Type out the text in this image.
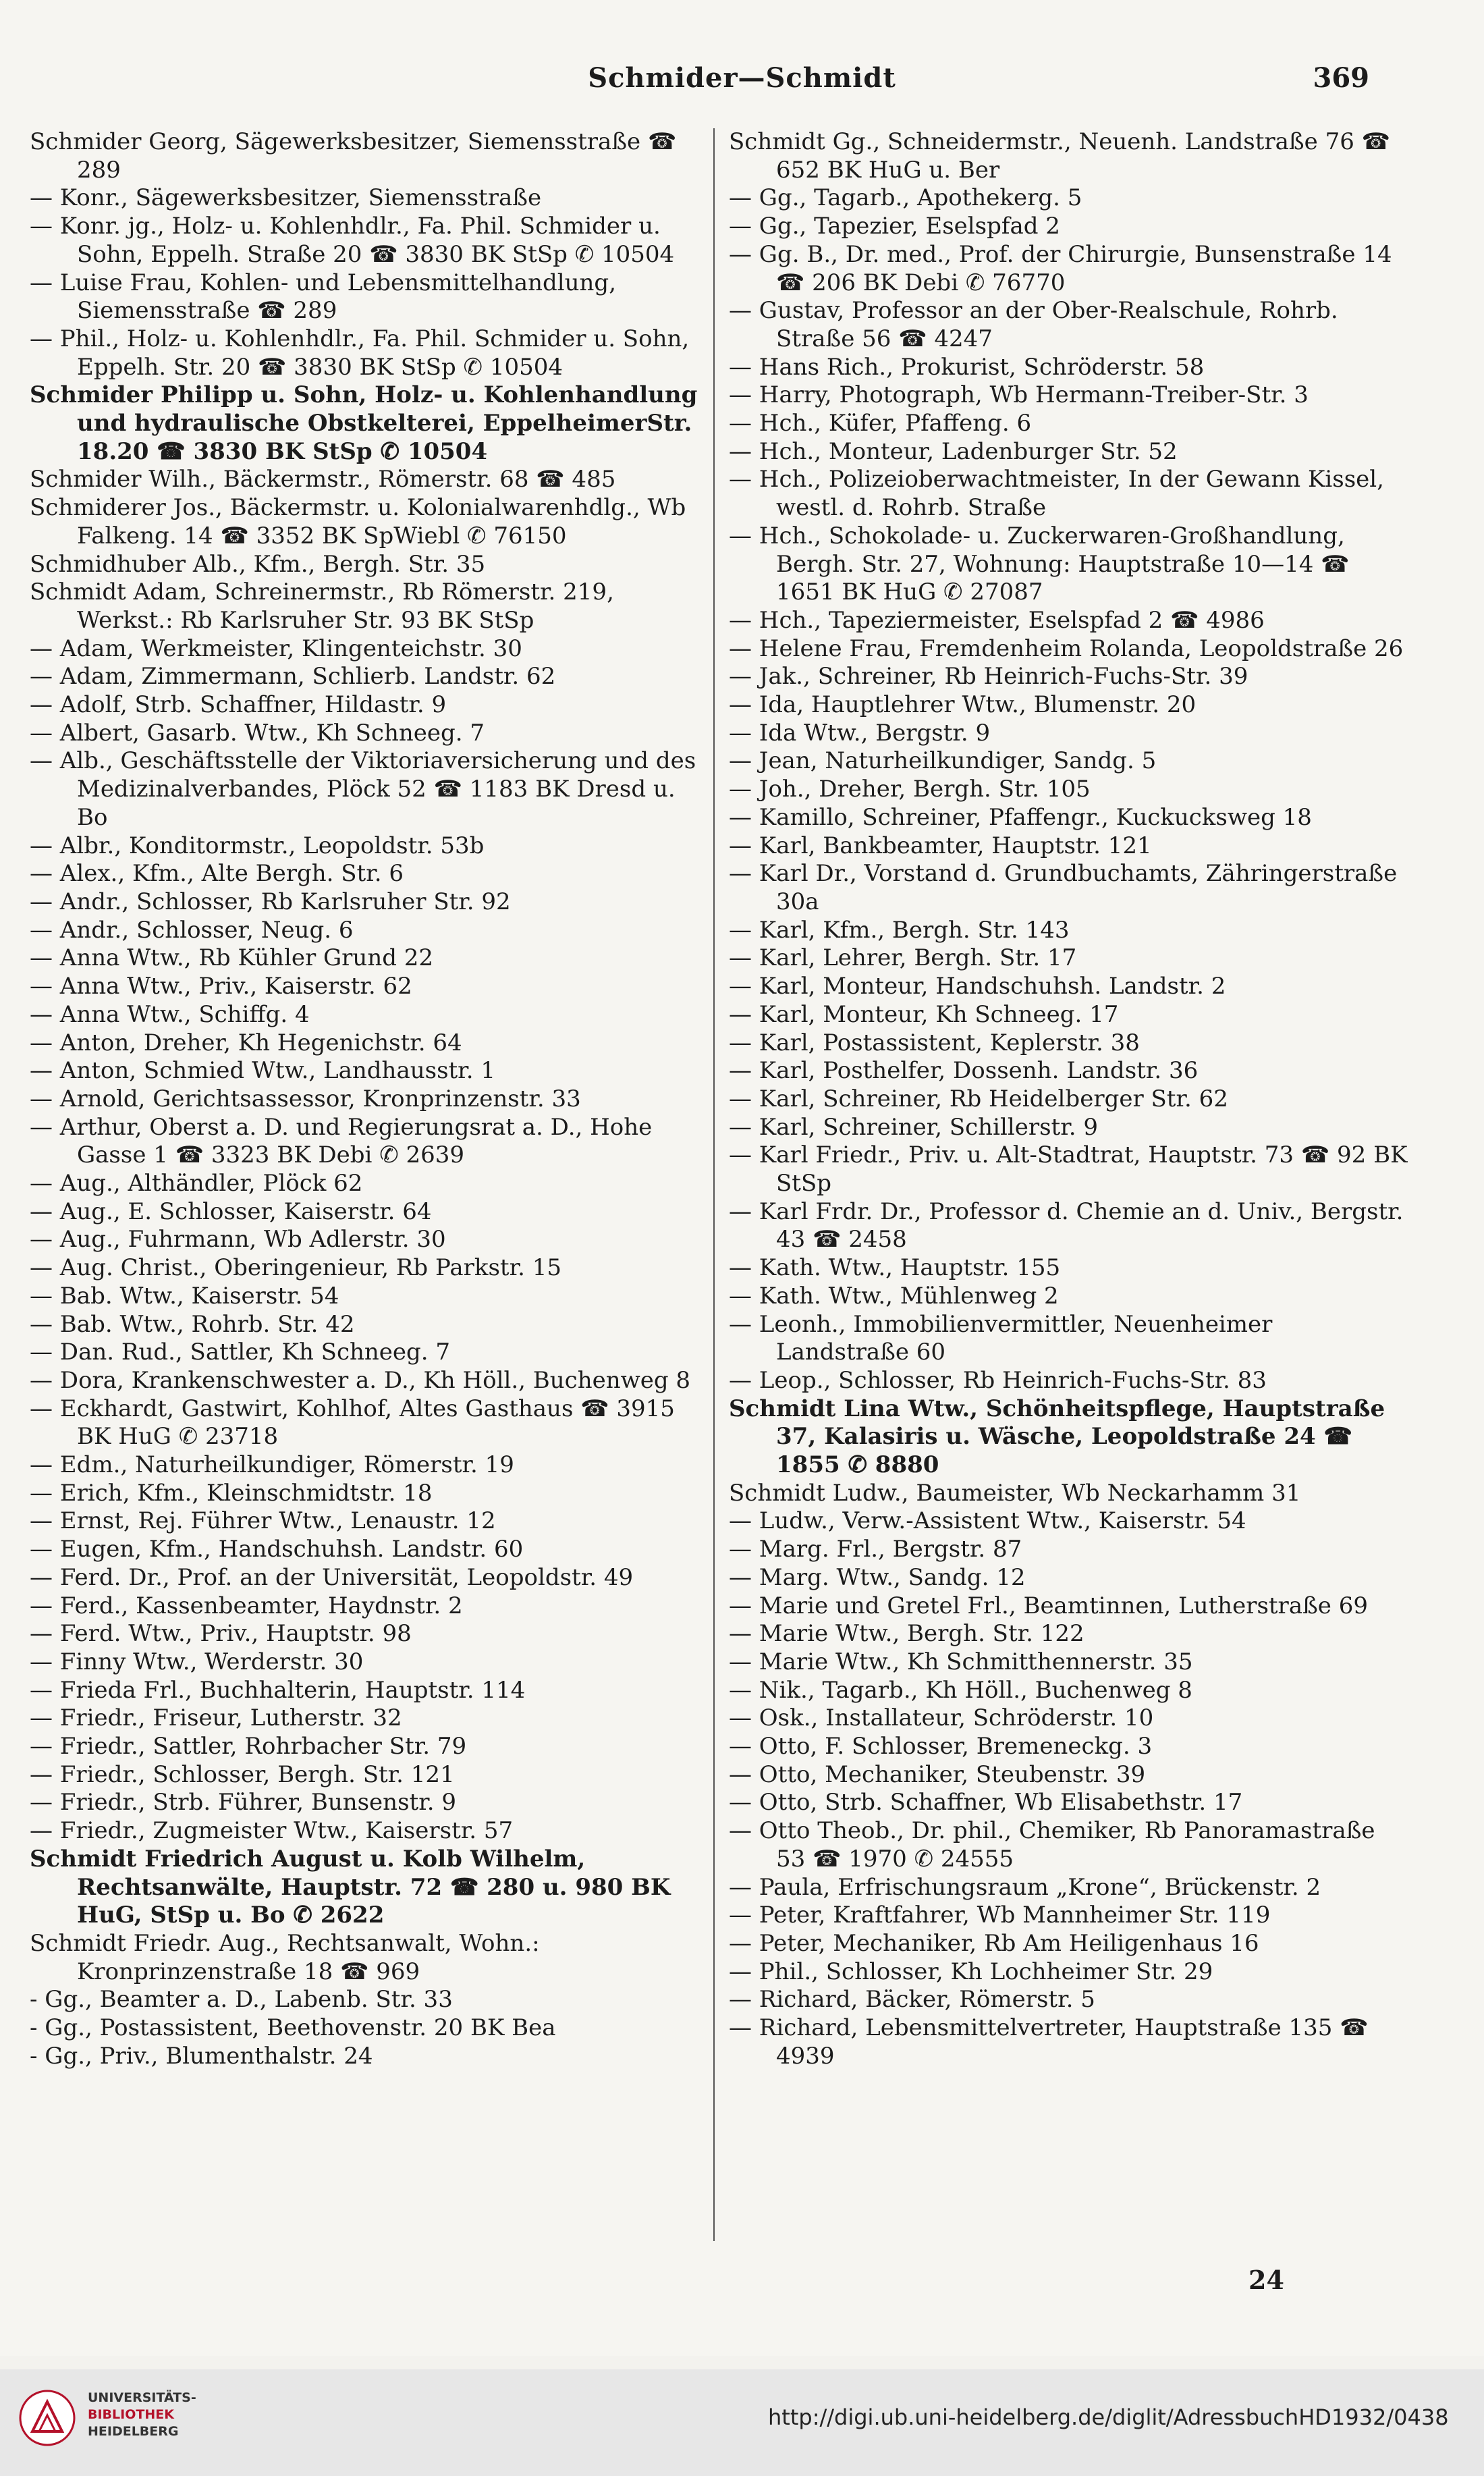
Schmider—Schmidt	369
Schmider Georg, Sägewerksbesitzer, Siemensstraße ☎ 289
— Konr., Sägewerksbesitzer, Siemensstraße
— Konr. jg., Holz- u. Kohlenhdlr., Fa. Phil. Schmider u. Sohn, Eppelh. Straße 20 ☎ 3830 BK StSp ✆ 10504
— Luise Frau, Kohlen- und Lebensmittelhandlung, Siemensstraße ☎ 289
— Phil., Holz- u. Kohlenhdlr., Fa. Phil. Schmider u. Sohn, Eppelh. Str. 20 ☎ 3830 BK StSp ✆ 10504
Schmider Philipp u. Sohn, Holz- u. Kohlenhandlung und hydraulische Obstkelterei, EppelheimerStr. 18.20 ☎ 3830 BK StSp ✆ 10504
Schmider Wilh., Bäckermstr., Römerstr. 68 ☎ 485
Schmiderer Jos., Bäckermstr. u. Kolonialwarenhdlg., Wb Falkeng. 14 ☎ 3352 BK SpWiebl ✆ 76150
Schmidhuber Alb., Kfm., Bergh. Str. 35
Schmidt Adam, Schreinermstr., Rb Römerstr. 219, Werkst.: Rb Karlsruher Str. 93 BK StSp
— Adam, Werkmeister, Klingenteichstr. 30
— Adam, Zimmermann, Schlierb. Landstr. 62
— Adolf, Strb. Schaffner, Hildastr. 9
— Albert, Gasarb. Wtw., Kh Schneeg. 7
— Alb., Geschäftsstelle der Viktoriaversicherung und des Medizinalverbandes, Plöck 52 ☎ 1183 BK Dresd u. Bo
— Albr., Konditormstr., Leopoldstr. 53b
— Alex., Kfm., Alte Bergh. Str. 6
— Andr., Schlosser, Rb Karlsruher Str. 92
— Andr., Schlosser, Neug. 6
— Anna Wtw., Rb Kühler Grund 22
— Anna Wtw., Priv., Kaiserstr. 62
— Anna Wtw., Schiffg. 4
— Anton, Dreher, Kh Hegenichstr. 64
— Anton, Schmied Wtw., Landhausstr. 1
— Arnold, Gerichtsassessor, Kronprinzenstr. 33
— Arthur, Oberst a. D. und Regierungsrat a. D., Hohe Gasse 1 ☎ 3323 BK Debi ✆ 2639
— Aug., Althändler, Plöck 62
— Aug., E. Schlosser, Kaiserstr. 64
— Aug., Fuhrmann, Wb Adlerstr. 30
— Aug. Christ., Oberingenieur, Rb Parkstr. 15
— Bab. Wtw., Kaiserstr. 54
— Bab. Wtw., Rohrb. Str. 42
— Dan. Rud., Sattler, Kh Schneeg. 7
— Dora, Krankenschwester a. D., Kh Höll., Buchenweg 8
— Eckhardt, Gastwirt, Kohlhof, Altes Gasthaus ☎ 3915 BK HuG ✆ 23718
— Edm., Naturheilkundiger, Römerstr. 19
— Erich, Kfm., Kleinschmidtstr. 18
— Ernst, Rej. Führer Wtw., Lenaustr. 12
— Eugen, Kfm., Handschuhsh. Landstr. 60
— Ferd. Dr., Prof. an der Universität, Leopoldstr. 49
— Ferd., Kassenbeamter, Haydnstr. 2
— Ferd. Wtw., Priv., Hauptstr. 98
— Finny Wtw., Werderstr. 30
— Frieda Frl., Buchhalterin, Hauptstr. 114
— Friedr., Friseur, Lutherstr. 32
— Friedr., Sattler, Rohrbacher Str. 79
— Friedr., Schlosser, Bergh. Str. 121
— Friedr., Strb. Führer, Bunsenstr. 9
— Friedr., Zugmeister Wtw., Kaiserstr. 57
Schmidt Friedrich August u. Kolb Wilhelm, Rechtsanwälte, Hauptstr. 72 ☎ 280 u. 980 BK HuG, StSp u. Bo ✆ 2622
Schmidt Friedr. Aug., Rechtsanwalt, Wohn.: Kronprinzenstraße 18 ☎ 969
- Gg., Beamter a. D., Labenb. Str. 33
- Gg., Postassistent, Beethovenstr. 20 BK Bea
- Gg., Priv., Blumenthalstr. 24
Schmidt Gg., Schneidermstr., Neuenh. Landstraße 76 ☎ 652 BK HuG u. Ber
— Gg., Tagarb., Apothekerg. 5
— Gg., Tapezier, Eselspfad 2
— Gg. B., Dr. med., Prof. der Chirurgie, Bunsenstraße 14 ☎ 206 BK Debi ✆ 76770
— Gustav, Professor an der Ober-Realschule, Rohrb. Straße 56 ☎ 4247
— Hans Rich., Prokurist, Schröderstr. 58
— Harry, Photograph, Wb Hermann-Treiber-Str. 3
— Hch., Küfer, Pfaffeng. 6
— Hch., Monteur, Ladenburger Str. 52
— Hch., Polizeioberwachtmeister, In der Gewann Kissel, westl. d. Rohrb. Straße
— Hch., Schokolade- u. Zuckerwaren-Großhandlung, Bergh. Str. 27, Wohnung: Hauptstraße 10—14 ☎ 1651 BK HuG ✆ 27087
— Hch., Tapeziermeister, Eselspfad 2 ☎ 4986
— Helene Frau, Fremdenheim Rolanda, Leopoldstraße 26
— Jak., Schreiner, Rb Heinrich-Fuchs-Str. 39
— Ida, Hauptlehrer Wtw., Blumenstr. 20
— Ida Wtw., Bergstr. 9
— Jean, Naturheilkundiger, Sandg. 5
— Joh., Dreher, Bergh. Str. 105
— Kamillo, Schreiner, Pfaffengr., Kuckucksweg 18
— Karl, Bankbeamter, Hauptstr. 121
— Karl Dr., Vorstand d. Grundbuchamts, Zähringerstraße 30a
— Karl, Kfm., Bergh. Str. 143
— Karl, Lehrer, Bergh. Str. 17
— Karl, Monteur, Handschuhsh. Landstr. 2
— Karl, Monteur, Kh Schneeg. 17
— Karl, Postassistent, Keplerstr. 38
— Karl, Posthelfer, Dossenh. Landstr. 36
— Karl, Schreiner, Rb Heidelberger Str. 62
— Karl, Schreiner, Schillerstr. 9
— Karl Friedr., Priv. u. Alt-Stadtrat, Hauptstr. 73 ☎ 92 BK StSp
— Karl Frdr. Dr., Professor d. Chemie an d. Univ., Bergstr. 43 ☎ 2458
— Kath. Wtw., Hauptstr. 155
— Kath. Wtw., Mühlenweg 2
— Leonh., Immobilienvermittler, Neuenheimer Landstraße 60
— Leop., Schlosser, Rb Heinrich-Fuchs-Str. 83
Schmidt Lina Wtw., Schönheitspflege, Hauptstraße 37, Kalasiris u. Wäsche, Leopoldstraße 24 ☎ 1855 ✆ 8880
Schmidt Ludw., Baumeister, Wb Neckarhamm 31
— Ludw., Verw.-Assistent Wtw., Kaiserstr. 54
— Marg. Frl., Bergstr. 87
— Marg. Wtw., Sandg. 12
— Marie und Gretel Frl., Beamtinnen, Lutherstraße 69
— Marie Wtw., Bergh. Str. 122
— Marie Wtw., Kh Schmitthennerstr. 35
— Nik., Tagarb., Kh Höll., Buchenweg 8
— Osk., Installateur, Schröderstr. 10
— Otto, F. Schlosser, Bremeneckg. 3
— Otto, Mechaniker, Steubenstr. 39
— Otto, Strb. Schaffner, Wb Elisabethstr. 17
— Otto Theob., Dr. phil., Chemiker, Rb Panoramastraße 53 ☎ 1970 ✆ 24555
— Paula, Erfrischungsraum „Krone“, Brückenstr. 2
— Peter, Kraftfahrer, Wb Mannheimer Str. 119
— Peter, Mechaniker, Rb Am Heiligenhaus 16
— Phil., Schlosser, Kh Lochheimer Str. 29
— Richard, Bäcker, Römerstr. 5
— Richard, Lebensmittelvertreter, Hauptstraße 135 ☎ 4939
24
UNIVERSITÄTS-
BIBLIOTHEK
HEIDELBERG
http://digi.ub.uni-heidelberg.de/diglit/AdressbuchHD1932/0438
